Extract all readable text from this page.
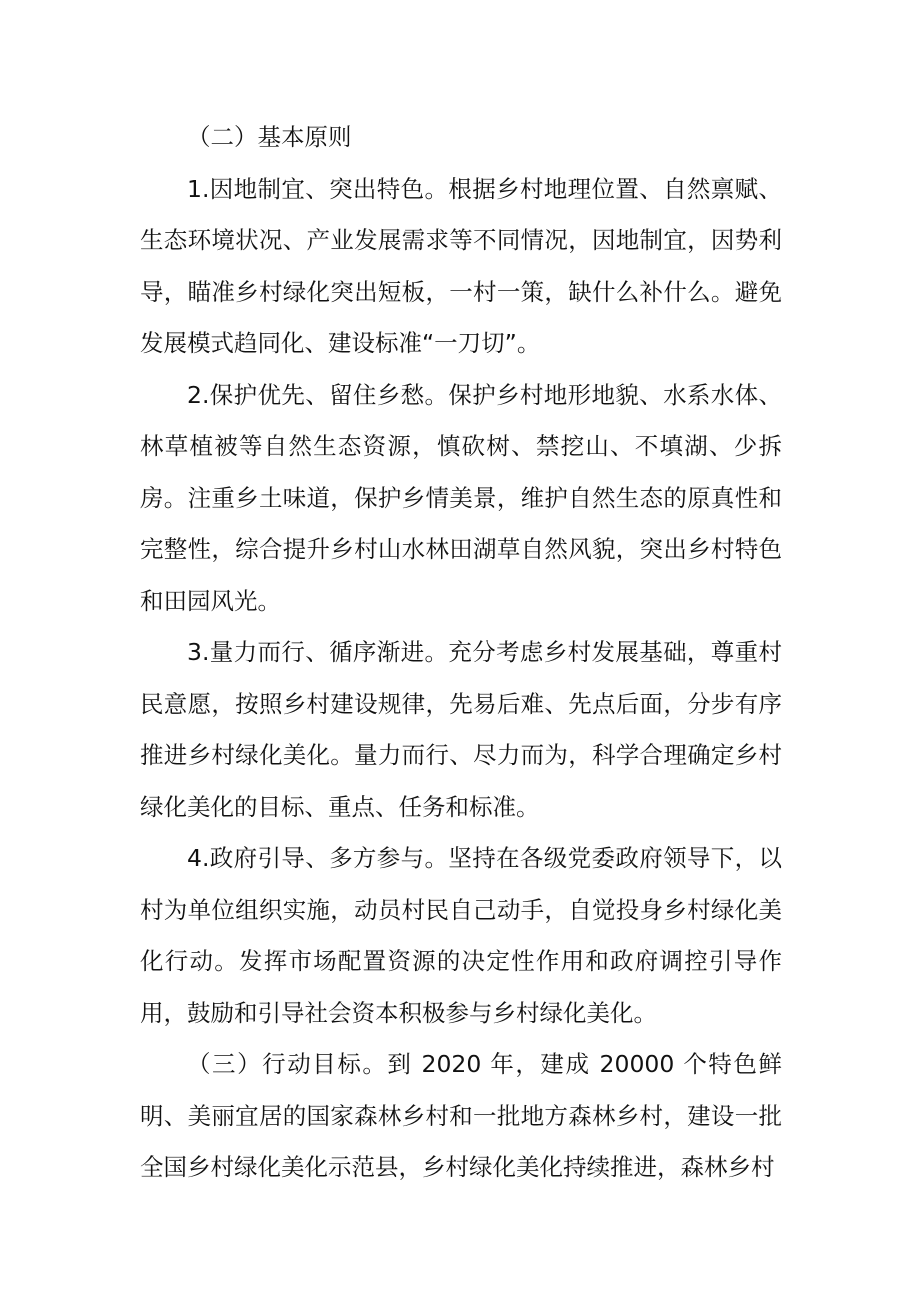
（二）基本原则

1.因地制宜、突出特色。根据乡村地理位置、自然禀赋、生态环境状况、产业发展需求等不同情况，因地制宜，因势利导，瞄准乡村绿化突出短板，一村一策，缺什么补什么。避免发展模式趋同化、建设标准“一刀切”。

2.保护优先、留住乡愁。保护乡村地形地貌、水系水体、林草植被等自然生态资源，慎砍树、禁挖山、不填湖、少拆房。注重乡土味道，保护乡情美景，维护自然生态的原真性和完整性，综合提升乡村山水林田湖草自然风貌，突出乡村特色和田园风光。

3.量力而行、循序渐进。充分考虑乡村发展基础，尊重村民意愿，按照乡村建设规律，先易后难、先点后面，分步有序推进乡村绿化美化。量力而行、尽力而为，科学合理确定乡村绿化美化的目标、重点、任务和标准。

4.政府引导、多方参与。坚持在各级党委政府领导下，以村为单位组织实施，动员村民自己动手，自觉投身乡村绿化美化行动。发挥市场配置资源的决定性作用和政府调控引导作用，鼓励和引导社会资本积极参与乡村绿化美化。

（三）行动目标。到 2020 年，建成 20000 个特色鲜明、美丽宜居的国家森林乡村和一批地方森林乡村，建设一批全国乡村绿化美化示范县，乡村绿化美化持续推进，森林乡村
